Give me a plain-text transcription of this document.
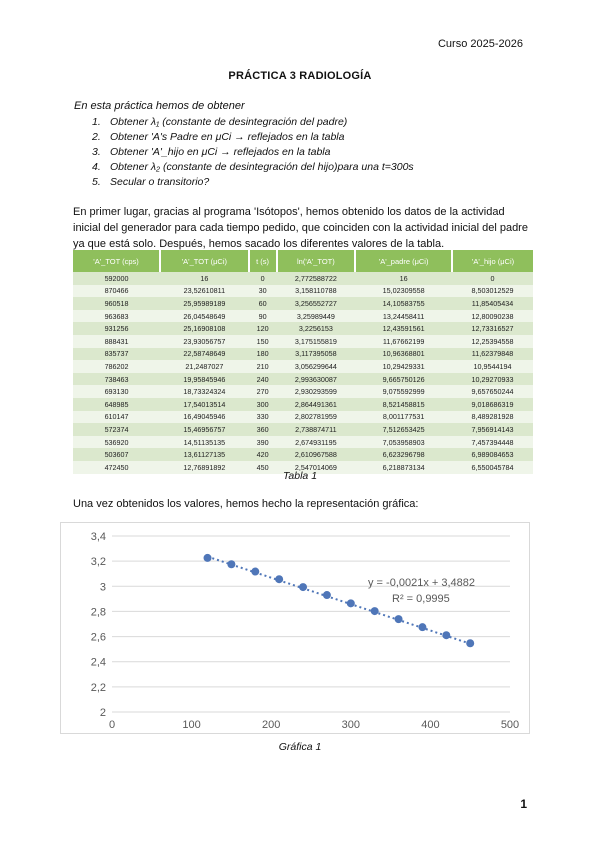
Curso 2025-2026
PRÁCTICA 3 RADIOLOGÍA
En esta práctica hemos de obtener
1. Obtener λ₁ (constante de desintegración del padre)
2. Obtener 'A's Padre en μCi → reflejados en la tabla
3. Obtener 'A'_hijo en μCi → reflejados en la tabla
4. Obtener λ₂ (constante de desintegración del hijo)para una t=300s
5. Secular o transitorio?
En primer lugar, gracias al programa 'Isótopos', hemos obtenido los datos de la actividad inicial del generador para cada tiempo pedido, que coinciden con la actividad inicial del padre ya que está solo. Después, hemos sacado los diferentes valores de la tabla.
'A'_TOT (cps)	'A'_TOT (μCi)	t (s)	ln('A'_TOT)	'A'_padre (μCi)	'A'_hijo (μCi)
592000	16	0	2,772588722	16	0
870466	23,52610811	30	3,158110788	15,02309558	8,503012529
960518	25,95989189	60	3,256552727	14,10583755	11,85405434
963683	26,04548649	90	3,25989449	13,24458411	12,80090238
931256	25,16908108	120	3,2256153	12,43591561	12,73316527
888431	23,93056757	150	3,175155819	11,67662199	12,25394558
835737	22,58748649	180	3,117395058	10,96368801	11,62379848
786202	21,2487027	210	3,056299644	10,29429331	10,9544194
738463	19,95845946	240	2,993630087	9,665750126	10,29270933
693130	18,73324324	270	2,930293599	9,075592999	9,657650244
648985	17,54013514	300	2,864491361	8,521458815	9,018686319
610147	16,49045946	330	2,802781959	8,001177531	8,489281928
572374	15,46956757	360	2,738874711	7,512653425	7,956914143
536920	14,51135135	390	2,674931195	7,053958903	7,457394448
503607	13,61127135	420	2,610967588	6,623296798	6,989084653
472450	12,76891892	450	2,547014069	6,218873134	6,550045784
Tabla 1
Una vez obtenidos los valores, hemos hecho la representación gráfica:
2
2,2
2,4
2,6
2,8
3
3,2
3,4
0	100	200	300	400	500
y = -0,0021x + 3,4882
R² = 0,9995
Gráfica 1
1
